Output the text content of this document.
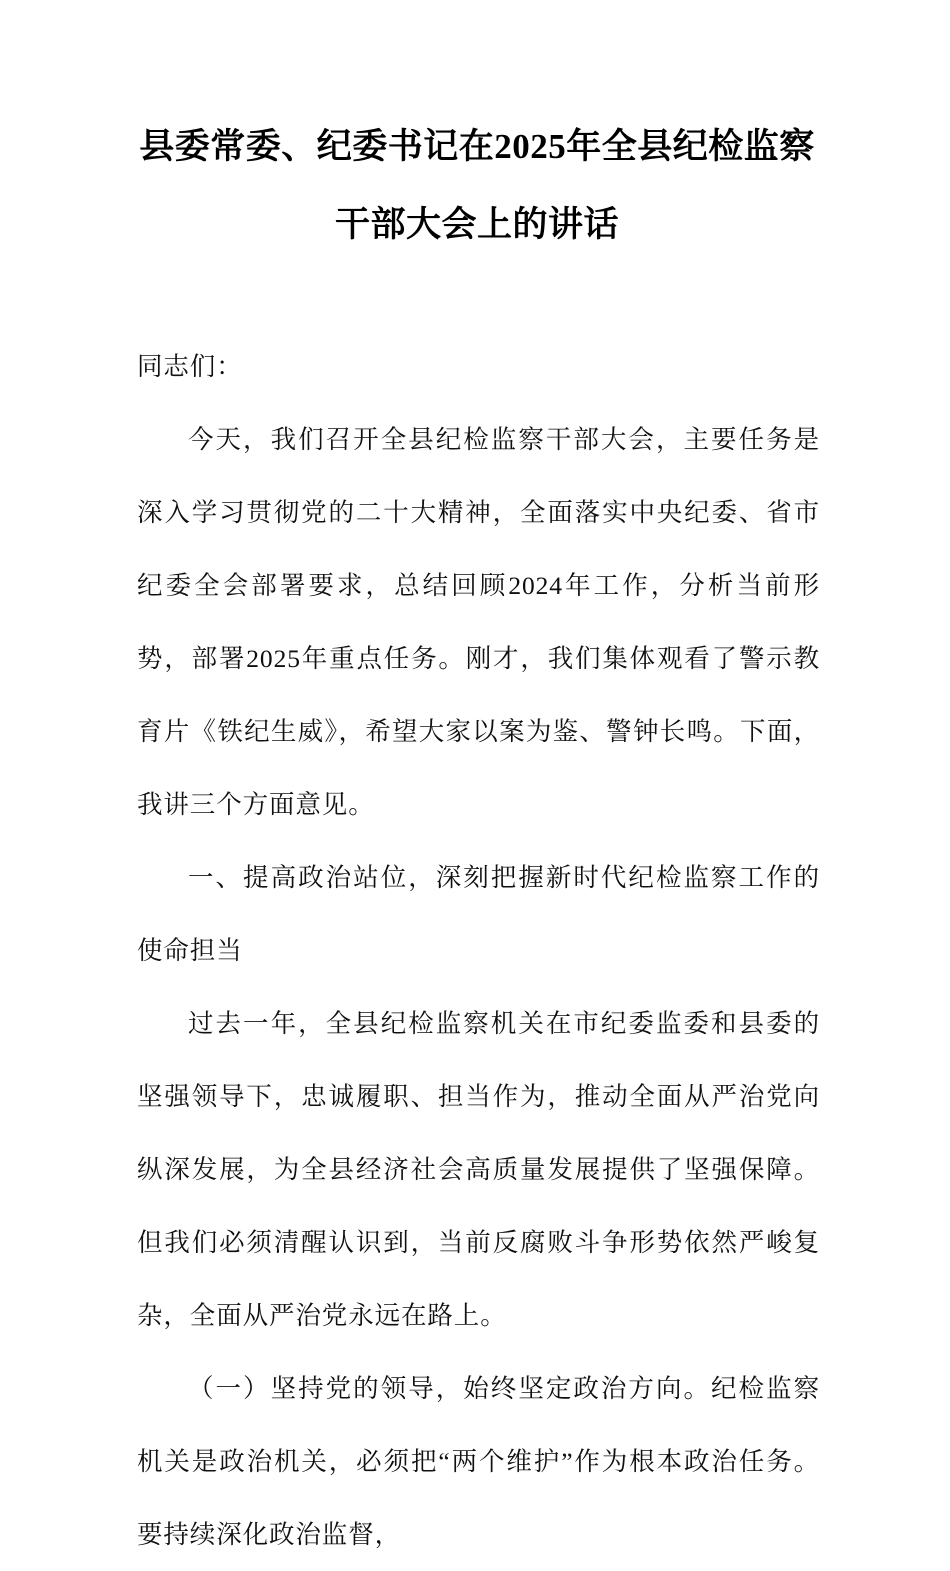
县委常委、纪委书记在2025年全县纪检监察干部大会上的讲话

同志们：

今天，我们召开全县纪检监察干部大会，主要任务是深入学习贯彻党的二十大精神，全面落实中央纪委、省市纪委全会部署要求，总结回顾2024年工作，分析当前形势，部署2025年重点任务。刚才，我们集体观看了警示教育片《铁纪生威》，希望大家以案为鉴、警钟长鸣。下面，我讲三个方面意见。

一、提高政治站位，深刻把握新时代纪检监察工作的使命担当

过去一年，全县纪检监察机关在市纪委监委和县委的坚强领导下，忠诚履职、担当作为，推动全面从严治党向纵深发展，为全县经济社会高质量发展提供了坚强保障。但我们必须清醒认识到，当前反腐败斗争形势依然严峻复杂，全面从严治党永远在路上。

（一）坚持党的领导，始终坚定政治方向。纪检监察机关是政治机关，必须把“两个维护”作为根本政治任务。要持续深化政治监督，
